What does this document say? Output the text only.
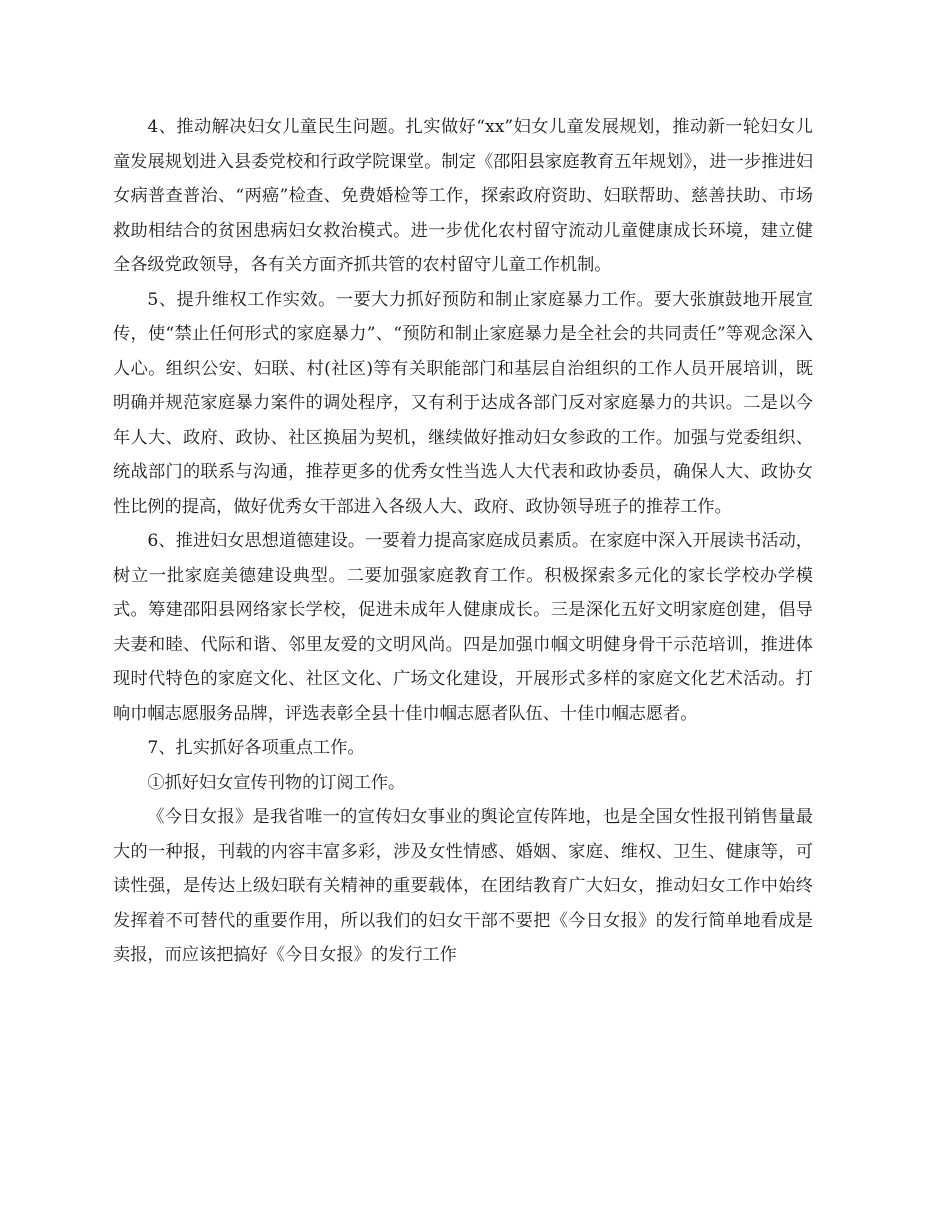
4、推动解决妇女儿童民生问题。扎实做好“xx”妇女儿童发展规划，推动新一轮妇女儿童发展规划进入县委党校和行政学院课堂。制定《邵阳县家庭教育五年规划》，进一步推进妇女病普查普治、“两癌”检查、免费婚检等工作，探索政府资助、妇联帮助、慈善扶助、市场救助相结合的贫困患病妇女救治模式。进一步优化农村留守流动儿童健康成长环境，建立健全各级党政领导，各有关方面齐抓共管的农村留守儿童工作机制。

5、提升维权工作实效。一要大力抓好预防和制止家庭暴力工作。要大张旗鼓地开展宣传，使“禁止任何形式的家庭暴力”、“预防和制止家庭暴力是全社会的共同责任”等观念深入人心。组织公安、妇联、村(社区)等有关职能部门和基层自治组织的工作人员开展培训，既明确并规范家庭暴力案件的调处程序，又有利于达成各部门反对家庭暴力的共识。二是以今年人大、政府、政协、社区换届为契机，继续做好推动妇女参政的工作。加强与党委组织、统战部门的联系与沟通，推荐更多的优秀女性当选人大代表和政协委员，确保人大、政协女性比例的提高，做好优秀女干部进入各级人大、政府、政协领导班子的推荐工作。

6、推进妇女思想道德建设。一要着力提高家庭成员素质。在家庭中深入开展读书活动，树立一批家庭美德建设典型。二要加强家庭教育工作。积极探索多元化的家长学校办学模式。筹建邵阳县网络家长学校，促进未成年人健康成长。三是深化五好文明家庭创建，倡导夫妻和睦、代际和谐、邻里友爱的文明风尚。四是加强巾帼文明健身骨干示范培训，推进体现时代特色的家庭文化、社区文化、广场文化建设，开展形式多样的家庭文化艺术活动。打响巾帼志愿服务品牌，评选表彰全县十佳巾帼志愿者队伍、十佳巾帼志愿者。

7、扎实抓好各项重点工作。

①抓好妇女宣传刊物的订阅工作。

《今日女报》是我省唯一的宣传妇女事业的舆论宣传阵地，也是全国女性报刊销售量最大的一种报，刊载的内容丰富多彩，涉及女性情感、婚姻、家庭、维权、卫生、健康等，可读性强，是传达上级妇联有关精神的重要载体，在团结教育广大妇女，推动妇女工作中始终发挥着不可替代的重要作用，所以我们的妇女干部不要把《今日女报》的发行简单地看成是卖报，而应该把搞好《今日女报》的发行工作
